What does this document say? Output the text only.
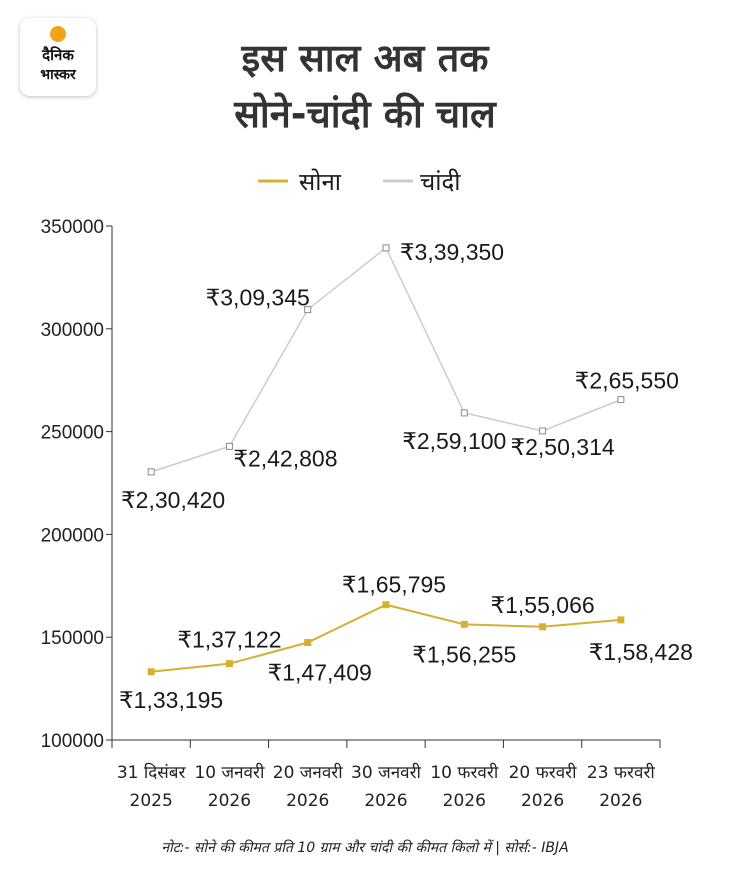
दैनिक
भास्कर	इस साल अब तक
सोने-चांदी की चाल
सोना	चांदी
100000
150000
200000
250000
300000
350000
31 दिसंबर 2025
10 जनवरी 2026
20 जनवरी 2026
30 जनवरी 2026
10 फरवरी 2026
20 फरवरी 2026
23 फरवरी 2026
₹1,33,195
₹1,37,122
₹1,47,409
₹1,65,795
₹1,56,255
₹1,55,066
₹1,58,428
₹2,30,420
₹2,42,808
₹3,09,345
₹3,39,350
₹2,59,100 ₹2,50,314
₹2,65,550
नोट:- सोने की कीमत प्रति 10 ग्राम और चांदी की कीमत किलो में | सोर्स:- IBJA
